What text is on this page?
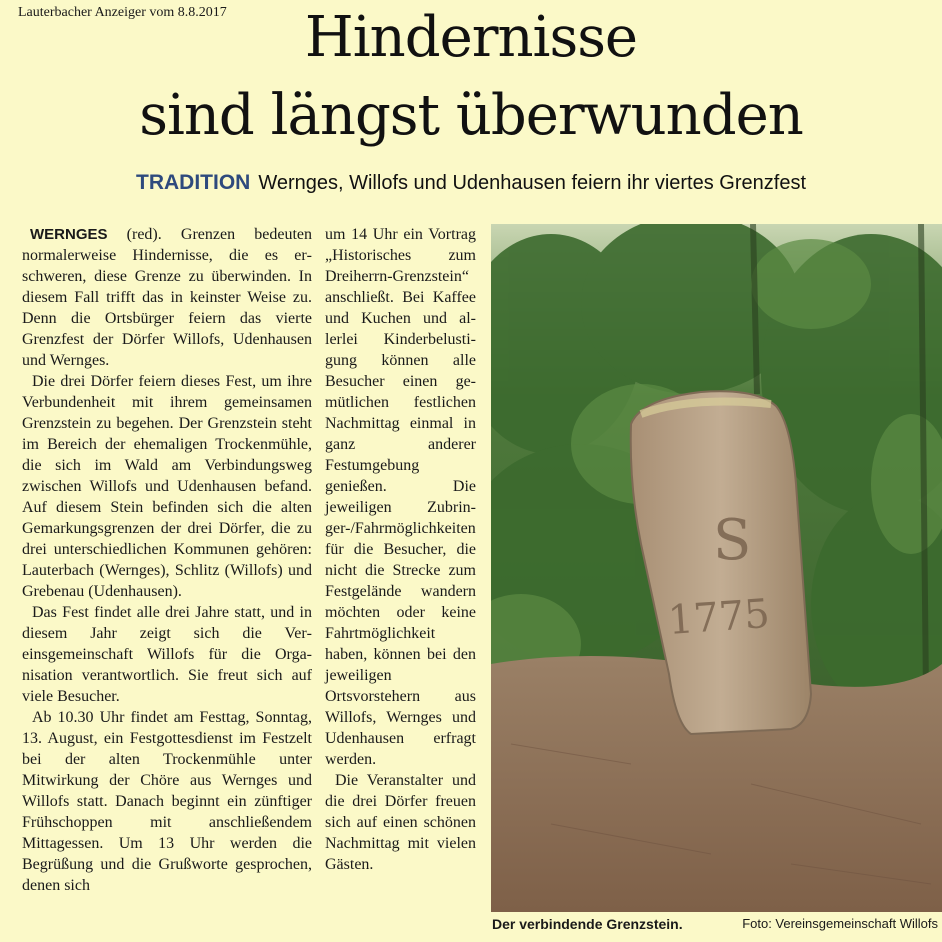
Lauterbacher Anzeiger vom 8.8.2017	Hindernisse
sind längst überwunden
TRADITION Wernges, Willofs und Udenhausen feiern ihr viertes Grenzfest

WERNGES (red). Grenzen bedeuten normalerweise Hindernisse, die es erschweren, diese Grenze zu überwinden. In diesem Fall trifft das in keinster Weise zu. Denn die Ortsbürger feiern das vierte Grenzfest der Dörfer Willofs, Udenhausen und Wernges.

Die drei Dörfer feiern dieses Fest, um ihre Verbundenheit mit ihrem gemeinsamen Grenzstein zu begehen. Der Grenzstein steht im Bereich der ehemaligen Trockenmühle, die sich im Wald am Verbindungsweg zwischen Willofs und Udenhausen befand. Auf diesem Stein befinden sich die alten Gemarkungsgrenzen der drei Dörfer, die zu drei unterschiedlichen Kommunen gehören: Lauterbach (Wernges), Schlitz (Willofs) und Grebenau (Udenhausen).

Das Fest findet alle drei Jahre statt, und in diesem Jahr zeigt sich die Vereinsgemeinschaft Willofs für die Organisation verantwortlich. Sie freut sich auf viele Besucher.

Ab 10.30 Uhr findet am Festtag, Sonntag, 13. August, ein Festgottesdienst im Festzelt bei der alten Trockenmühle unter Mitwirkung der Chöre aus Wernges und Willofs statt. Danach beginnt ein zünftiger Frühschoppen mit anschließendem Mittagessen. Um 13 Uhr werden die Begrüßung und die Grußworte gesprochen, denen sich

um 14 Uhr ein Vortrag „Historisches zum Dreiherrn-Grenzstein“ anschließt. Bei Kaffee und Kuchen und allerlei Kinderbelustigung können alle Besucher einen gemütlichen festlichen Nachmittag einmal in ganz anderer Festumgebung genießen. Die jeweiligen Zubringer-/Fahrmöglichkeiten für die Besucher, die nicht die Strecke zum Festgelände wandern möchten oder keine Fahrtmöglichkeit haben, können bei den jeweiligen Ortsvorstehern aus Willofs, Wernges und Udenhausen erfragt werden.

Die Veranstalter und die drei Dörfer freuen sich auf einen schönen Nachmittag mit vielen Gästen.

S
1775
Der verbindende Grenzstein.	Foto: Vereinsgemeinschaft Willofs
